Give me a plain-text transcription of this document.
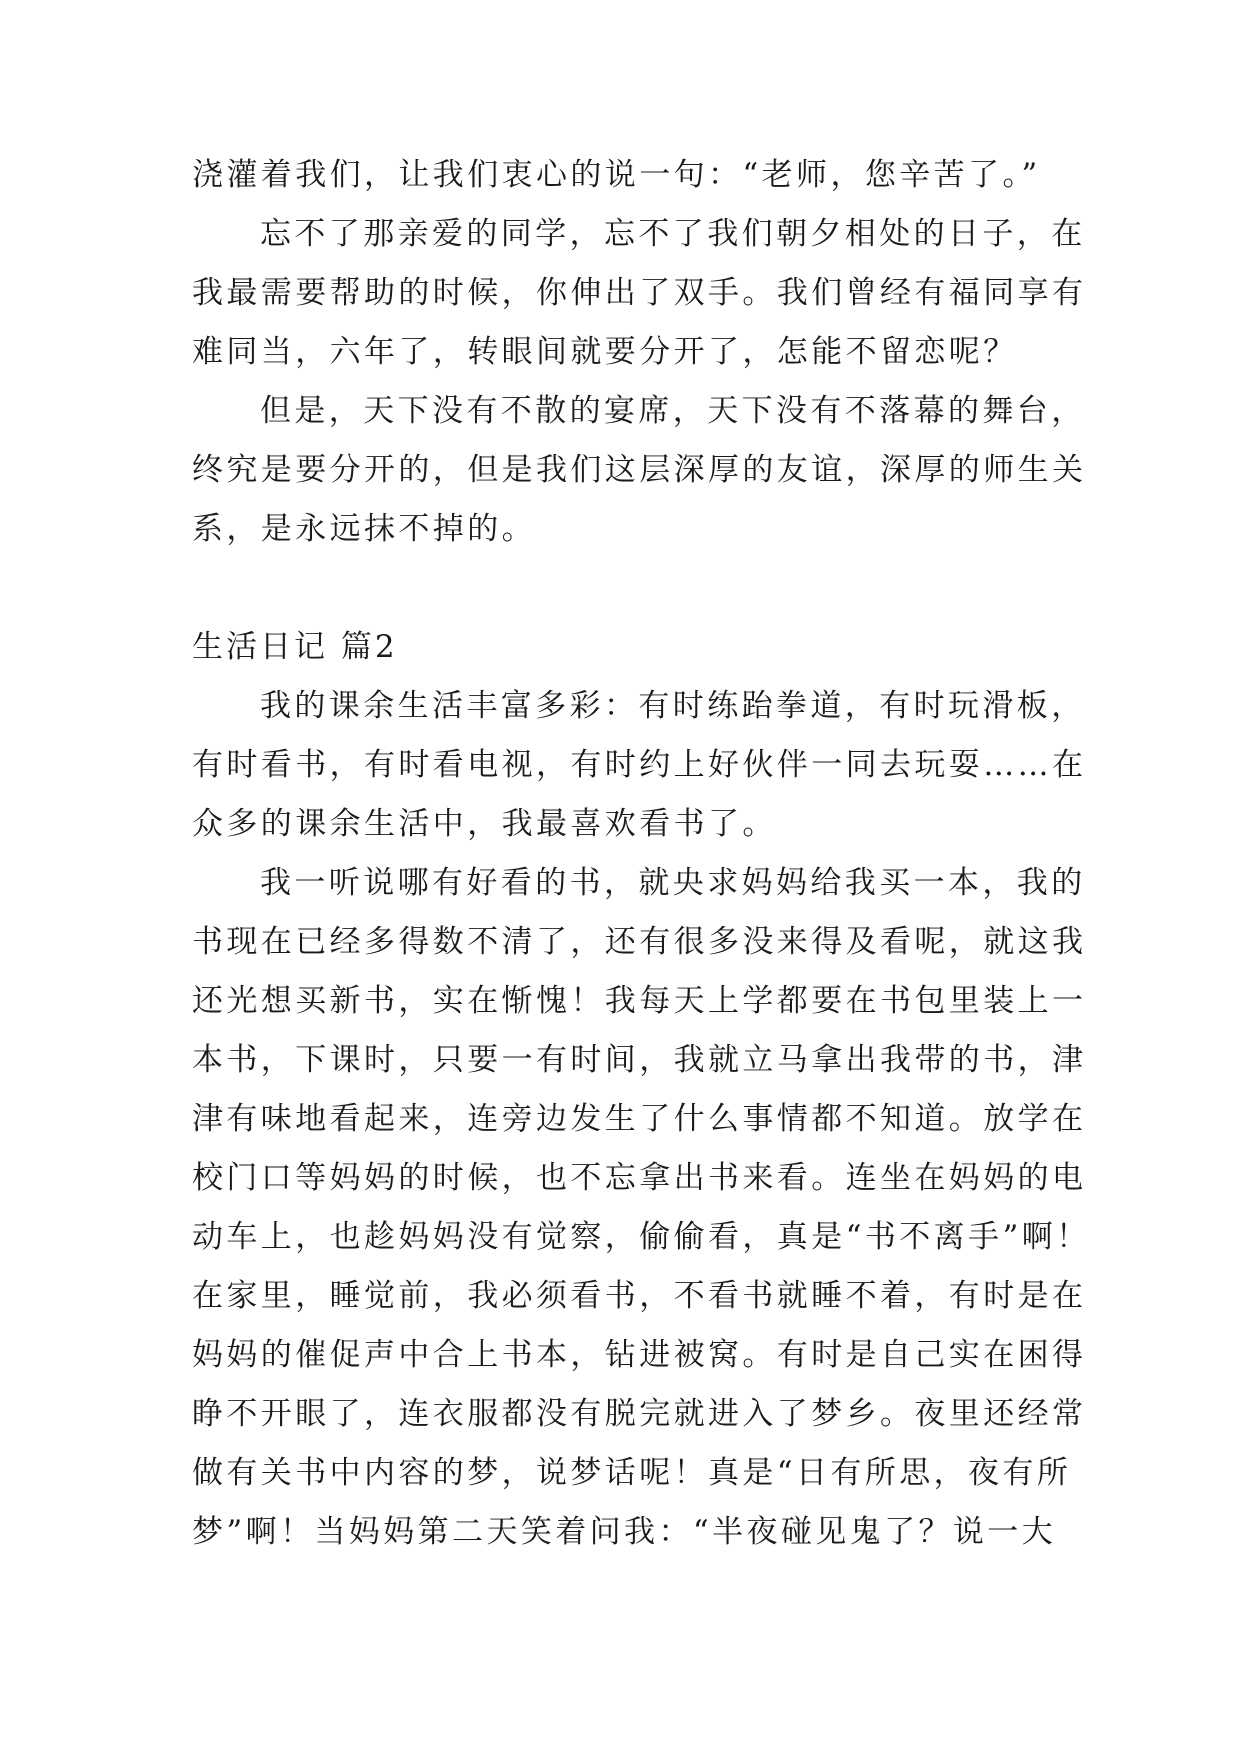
浇灌着我们，让我们衷心的说一句：“老师，您辛苦了。”
忘不了那亲爱的同学，忘不了我们朝夕相处的日子，在
我最需要帮助的时候，你伸出了双手。我们曾经有福同享有
难同当，六年了，转眼间就要分开了，怎能不留恋呢？
但是，天下没有不散的宴席，天下没有不落幕的舞台，
终究是要分开的，但是我们这层深厚的友谊，深厚的师生关
系，是永远抹不掉的。
生活日记 篇2
我的课余生活丰富多彩：有时练跆拳道，有时玩滑板，
有时看书，有时看电视，有时约上好伙伴一同去玩耍……在
众多的课余生活中，我最喜欢看书了。
我一听说哪有好看的书，就央求妈妈给我买一本，我的
书现在已经多得数不清了，还有很多没来得及看呢，就这我
还光想买新书，实在惭愧！我每天上学都要在书包里装上一
本书，下课时，只要一有时间，我就立马拿出我带的书，津
津有味地看起来，连旁边发生了什么事情都不知道。放学在
校门口等妈妈的时候，也不忘拿出书来看。连坐在妈妈的电
动车上，也趁妈妈没有觉察，偷偷看，真是“书不离手”啊！
在家里，睡觉前，我必须看书，不看书就睡不着，有时是在
妈妈的催促声中合上书本，钻进被窝。有时是自己实在困得
睁不开眼了，连衣服都没有脱完就进入了梦乡。夜里还经常
做有关书中内容的梦，说梦话呢！真是“日有所思，夜有所
梦”啊！当妈妈第二天笑着问我：“半夜碰见鬼了？说一大
